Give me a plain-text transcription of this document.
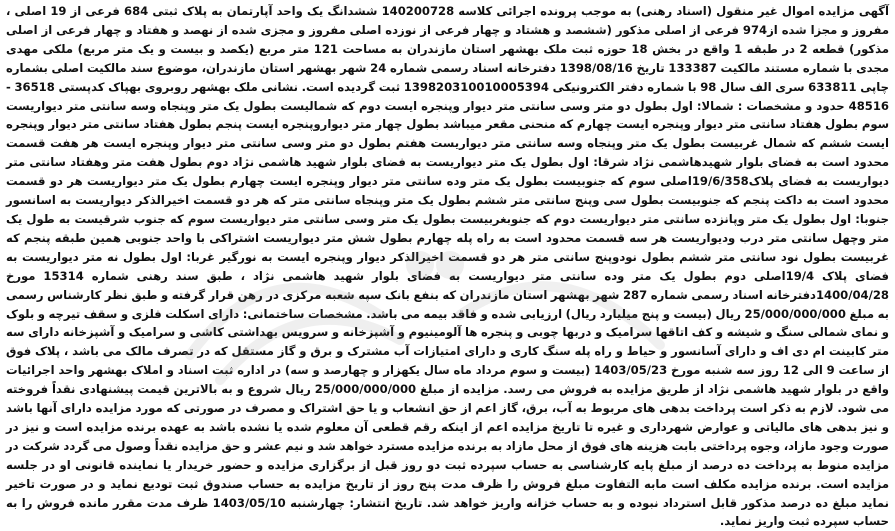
آگهی مزایده اموال غیر منقول (اسناد رهنی) به موجب پرونده اجرائی کلاسه 140200728 ششدانگ یک واحد آپارتمان به پلاک ثبتی 684 فرعی از 19 اصلی ، مفروز و مجزا شده از974 فرعی از اصلی مذکور (ششصد و هشتاد و چهار فرعی از نوزده اصلی مفروز و مجزی شده از نهصد و هفتاد و چهار فرعی از اصلی مذکور) قطعه 2 در طبقه 1 واقع در بخش 18 حوزه ثبت ملک بهشهر استان مازندران به مساحت 121 متر مربع (یکصد و بیست و یک متر مربع) ملکی مهدی مجدی با شماره مستند مالکیت 133387 تاریخ 1398/08/16 دفترخانه اسناد رسمی شماره 24 شهر بهشهر استان مازندران، موضوع سند مالکیت اصلی بشماره چاپی 633811 سری الف سال 98 با شماره دفتر الکترونیکی 139820310010005394 ثبت گردیده است. نشانی ملک بهشهر روبروی بهپاک کدپستی 36518 - 48516 حدود و مشخصات : شمالا: اول بطول دو متر وسی سانتی متر دیوار وپنجره ایست دوم که شمالیست بطول یک متر وپنجاه وسه سانتی متر دیواریست سوم بطول هفتاد سانتی متر دیوار وپنجره ایست چهارم که منحنی مقعر میباشد بطول چهار متر دیواروپنجره ایست پنجم بطول هفتاد سانتی متر دیوار وپنجره ایست ششم که شمال غربیست بطول یک متر وپنجاه وسه سانتی متر دیواریست هفتم بطول دو متر وسی سانتی متر دیوار وپنجره ایست هر هفت قسمت محدود است به فضای بلوار شهیدهاشمی نژاد شرقا: اول بطول یک متر دیواریست به فضای بلوار شهید هاشمی نژاد دوم بطول هفت متر وهفتاد سانتی متر دیواریست به فضای پلاک19/6/358اصلی سوم که جنوبیست بطول یک متر وده سانتی متر دیوار وپنجره ایست چهارم بطول یک متر دیواریست هر دو قسمت محدود است به داکت پنجم که جنوبیست بطول سی وپنج سانتی متر ششم بطول یک متر وپنجاه سانتی متر که هر دو قسمت اخیرالذکر دیواریست به اسانسور جنوبا: اول بطول یک متر وپانزده سانتی متر دیواریست دوم که جنوبغربیست بطول یک متر وسی سانتی متر دیواریست سوم که جنوب شرقیست به طول یک متر وچهل سانتی متر درب ودیواریست هر سه قسمت محدود است به راه پله چهارم بطول شش متر دیواریست اشتراکی با واحد جنوبی همین طبقه پنجم که غربیست بطول نود سانتی متر ششم بطول نودوپنج سانتی متر هر دو قسمت اخیرالذکر دیوار وپنجره ایست به نورگیر غربا: اول بطول نه متر دیواریست به فضای پلاک 19/4اصلی دوم بطول یک متر وده سانتی متر دیواریست به فضای بلوار شهید هاشمی نژاد ، طبق سند رهنی شماره 15314 مورخ 1400/04/28دفترخانه اسناد رسمی شماره 287 شهر بهشهر استان مازندران که بنفع بانک سپه شعبه مرکزی در رهن قرار گرفته و طبق نظر کارشناس رسمی به مبلغ 25/000/000/000 ریال (بیست و پنج میلیارد ریال) ارزیابی شده و فاقد بیمه می باشد. مشخصات ساختمانی: دارای اسکلت فلزی و سقف تیرچه و بلوک و نمای شمالی سنگ و شیشه و کف اتاقها سرامیک و دربها چوبی و پنجره ها آلومینیوم و آشپزخانه و سرویس بهداشتی کاشی و سرامیک و آشپزخانه دارای سه متر کابینت ام دی اف و دارای آسانسور و حیاط و راه پله سنگ کاری و دارای امتیازات آب مشترک و برق و گاز مستقل که در تصرف مالک می باشد ، پلاک فوق از ساعت 9 الی 12 روز سه شنبه مورخ 1403/05/23 (بیست و سوم مرداد ماه سال یکهزار و چهارصد و سه) در اداره ثبت اسناد و املاک بهشهر واحد اجرائیات واقع در بلوار شهید هاشمی نژاد از طریق مزایده به فروش می رسد. مزایده از مبلغ 25/000/000/000 ریال شروع و به بالاترین قیمت پیشنهادی نقداً فروخته می شود. لازم به ذکر است پرداخت بدهی های مربوط به آب، برق، گاز اعم از حق انشعاب و یا حق اشتراک و مصرف در صورتی که مورد مزایده دارای آنها باشد و نیز بدهی های مالیاتی و عوارض شهرداری و غیره تا تاریخ مزایده اعم از اینکه رقم قطعی آن معلوم شده یا نشده باشد به عهده برنده مزایده است و نیز در صورت وجود مازاد، وجوه پرداختی بابت هزینه های فوق از محل مازاد به برنده مزایده مسترد خواهد شد و نیم عشر و حق مزایده نقداً وصول می گردد شرکت در مزایده منوط به پرداخت ده درصد از مبلغ پایه کارشناسی به حساب سپرده ثبت دو روز قبل از برگزاری مزایده و حضور خریدار یا نماینده قانونی او در جلسه مزایده است. برنده مزایده مکلف است مابه التفاوت مبلغ فروش را ظرف مدت پنج روز از تاریخ مزایده به حساب صندوق ثبت تودیع نماید و در صورت تاخیر نماید مبلغ ده درصد مذکور قابل استرداد نبوده و به حساب خزانه واریز خواهد شد. تاریخ انتشار: چهارشنبه 1403/05/10 ظرف مدت مقرر مانده فروش را به حساب سپرده ثبت واریز نماید.
